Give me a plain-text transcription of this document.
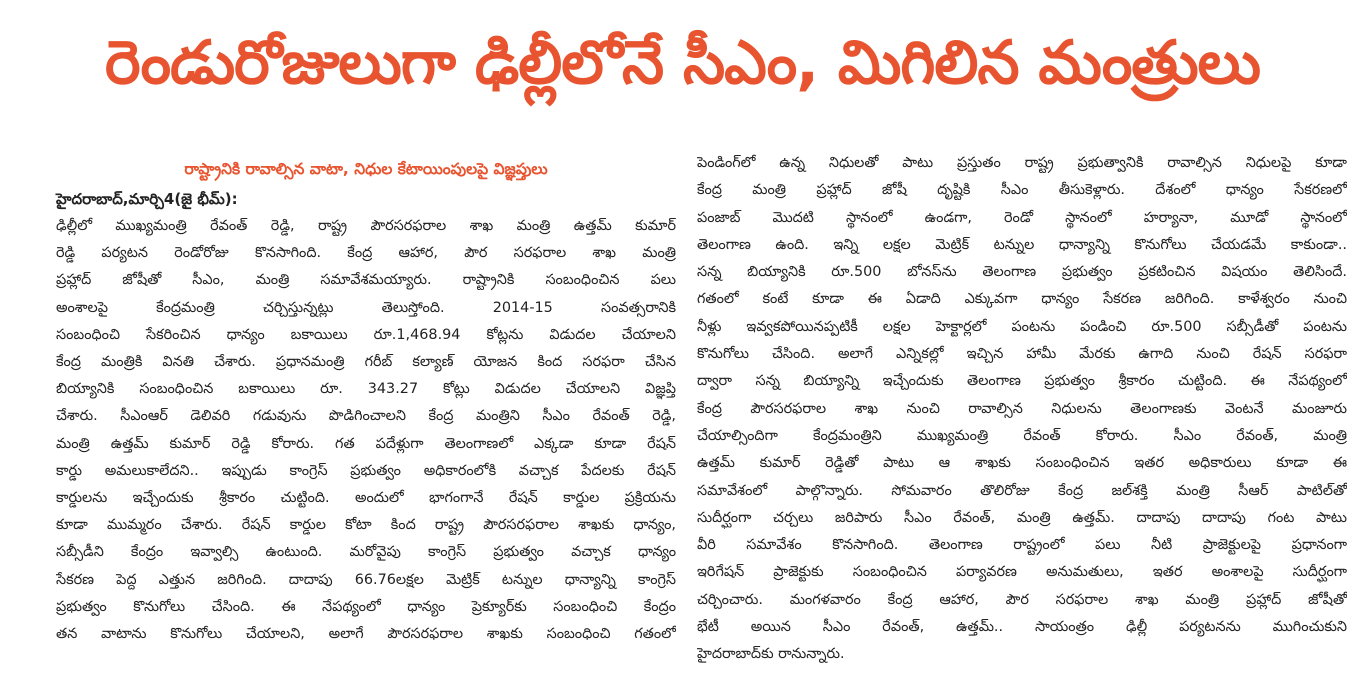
రెండురోజులుగా ఢిల్లీలోనే సీఎం, మిగిలిన మంత్రులు
రాష్ట్రానికి రావాల్సిన వాటా, నిధుల కేటాయింపులపై విజ్ఞప్తులు
హైదరాబాద్,మార్చి4(జై భీమ్):
ఢిల్లీలో ముఖ్యమంత్రి రేవంత్ రెడ్డి, రాష్ట్ర పౌరసరఫరాల శాఖ మంత్రి ఉత్తమ్ కుమార్
రెడ్డి పర్యటన రెండోరోజు కొనసాగింది. కేంద్ర ఆహార, పౌర సరఫరాల శాఖ మంత్రి
ప్రహ్లాద్ జోషీతో సీఎం, మంత్రి సమావేశమయ్యారు. రాష్ట్రానికి సంబంధించిన పలు
అంశాలపై కేంద్రమంత్రి చర్చిస్తున్నట్లు తెలుస్తోంది. 2014-15 సంవత్సరానికి
సంబంధించి సేకరించిన ధాన్యం బకాయిలు రూ.1,468.94 కోట్లను విడుదల చేయాలని
కేంద్ర మంత్రికి వినతి చేశారు. ప్రధానమంత్రి గరీబ్ కల్యాణ్ యోజన కింద సరఫరా చేసిన
బియ్యానికి సంబంధించిన బకాయిలు రూ. 343.27 కోట్లు విడుదల చేయాలని విజ్ఞప్తి
చేశారు. సీఎంఆర్ డెలివరి గడువును పొడిగించాలని కేంద్ర మంత్రిని సీఎం రేవంత్ రెడ్డి,
మంత్రి ఉత్తమ్ కుమార్ రెడ్డి కోరారు. గత పదేళ్లుగా తెలంగాణలో ఎక్కడా కూడా రేషన్
కార్డు అమలుకాలేదని.. ఇప్పుడు కాంగ్రెస్ ప్రభుత్వం అధికారంలోకి వచ్చాక పేదలకు రేషన్
కార్డులను ఇచ్చేందుకు శ్రీకారం చుట్టింది. అందులో భాగంగానే రేషన్ కార్డుల ప్రక్రియను
కూడా ముమ్మరం చేశారు. రేషన్ కార్డుల కోటా కింద రాష్ట్ర పౌరసరఫరాల శాఖకు ధాన్యం,
సబ్సీడీని కేంద్రం ఇవ్వాల్సి ఉంటుంది. మరోవైపు కాంగ్రెస్ ప్రభుత్వం వచ్చాక ధాన్యం
సేకరణ పెద్ద ఎత్తున జరిగింది. దాదాపు 66.76లక్షల మెట్రిక్ టన్నుల ధాన్యాన్ని కాంగ్రెస్
ప్రభుత్వం కొనుగోలు చేసింది. ఈ నేపథ్యంలో ధాన్యం ప్రెక్యూర్‌కు సంబంధించి కేంద్రం
తన వాటాను కొనుగోలు చేయాలని, అలాగే పౌరసరఫరాల శాఖకు సంబంధించి గతంలో
పెండింగ్‌లో ఉన్న నిధులతో పాటు ప్రస్తుతం రాష్ట్ర ప్రభుత్వానికి రావాల్సిన నిధులపై కూడా
కేంద్ర మంత్రి ప్రహ్లాద్ జోషీ దృష్టికి సీఎం తీసుకెళ్లారు. దేశంలో ధాన్యం సేకరణలో
పంజాబ్ మొదటి స్థానంలో ఉండగా, రెండో స్థానంలో హర్యానా, మూడో స్థానంలో
తెలంగాణ ఉంది. ఇన్ని లక్షల మెట్రిక్ టన్నుల ధాన్యాన్ని కొనుగోలు చేయడమే కాకుండా..
సన్న బియ్యానికి రూ.500 బోనస్‌ను తెలంగాణ ప్రభుత్వం ప్రకటించిన విషయం తెలిసిందే.
గతంలో కంటే కూడా ఈ ఏడాది ఎక్కువగా ధాన్యం సేకరణ జరిగింది. కాళేశ్వరం నుంచి
నీళ్లు ఇవ్వకపోయినప్పటికీ లక్షల హెక్టార్లలో పంటను పండించి రూ.500 సబ్సీడీతో పంటను
కొనుగోలు చేసింది. అలాగే ఎన్నికల్లో ఇచ్చిన హామీ మేరకు ఉగాది నుంచి రేషన్ సరఫరా
ద్వారా సన్న బియ్యాన్ని ఇచ్చేందుకు తెలంగాణ ప్రభుత్వం శ్రీకారం చుట్టింది. ఈ నేపథ్యంలో
కేంద్ర పౌరసరఫరాల శాఖ నుంచి రావాల్సిన నిధులను తెలంగాణకు వెంటనే మంజూరు
చేయాల్సిందిగా కేంద్రమంత్రిని ముఖ్యమంత్రి రేవంత్ కోరారు. సీఎం రేవంత్, మంత్రి
ఉత్తమ్ కుమార్ రెడ్డితో పాటు ఆ శాఖకు సంబంధించిన ఇతర అధికారులు కూడా ఈ
సమావేశంలో పాల్గొన్నారు. సోమవారం తొలిరోజు కేంద్ర జల్‌శక్తి మంత్రి సీఆర్ పాటిల్‌తో
సుదీర్ఘంగా చర్చలు జరిపారు సీఎం రేవంత్, మంత్రి ఉత్తమ్. దాదాపు దాదాపు గంట పాటు
వీరి సమావేశం కొనసాగింది. తెలంగాణ రాష్ట్రంలో పలు నీటి ప్రాజెక్టులపై ప్రధానంగా
ఇరిగేషన్ ప్రాజెక్టుకు సంబంధించిన పర్యావరణ అనుమతులు, ఇతర అంశాలపై సుదీర్ఘంగా
చర్చించారు. మంగళవారం కేంద్ర ఆహార, పౌర సరఫరాల శాఖ మంత్రి ప్రహ్లాద్ జోషీతో
భేటీ అయిన సీఎం రేవంత్, ఉత్తమ్.. సాయంత్రం ఢిల్లీ పర్యటనను ముగించుకుని
హైదరాబాద్‌కు రానున్నారు.
